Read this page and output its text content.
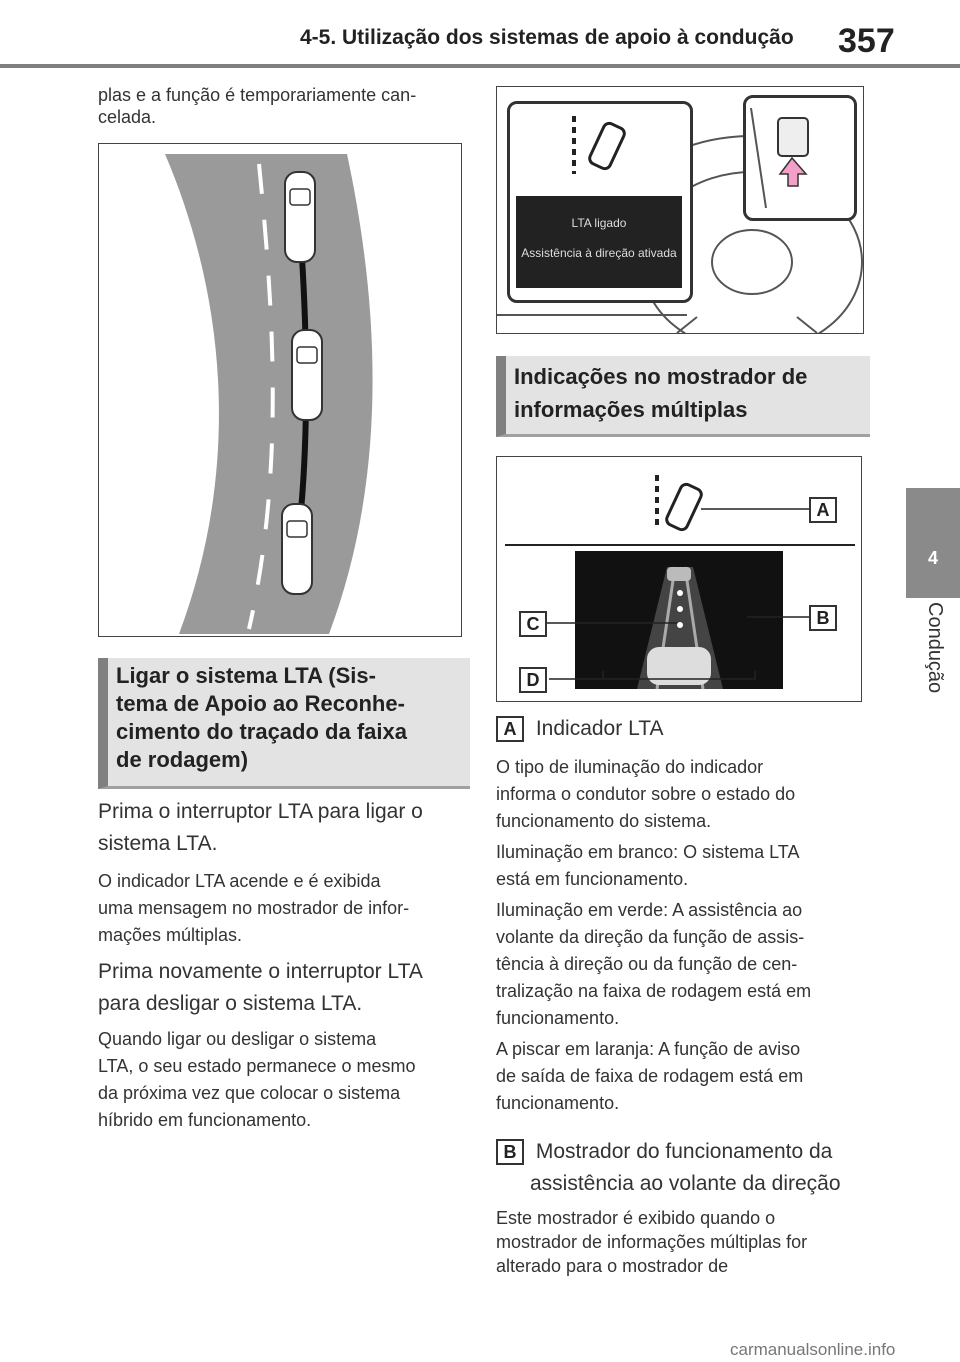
4-5. Utilização dos sistemas de apoio à condução 357
4
Condução
plas e a função é temporariamente can-
celada.
Ligar o sistema LTA (Sis-
tema de Apoio ao Reconhe-
cimento do traçado da faixa
de rodagem)
Prima o interruptor LTA para ligar o
sistema LTA.
O indicador LTA acende e é exibida
uma mensagem no mostrador de infor-
mações múltiplas.
Prima novamente o interruptor LTA
para desligar o sistema LTA.
Quando ligar ou desligar o sistema
LTA, o seu estado permanece o mesmo
da próxima vez que colocar o sistema
híbrido em funcionamento.
LTA ligado
Assistência à direção ativada
Indicações no mostrador de
informações múltiplas
A
B
C
D
A Indicador LTA
O tipo de iluminação do indicador
informa o condutor sobre o estado do
funcionamento do sistema.
Iluminação em branco: O sistema LTA
está em funcionamento.
Iluminação em verde: A assistência ao
volante da direção da função de assis-
tência à direção ou da função de cen-
tralização na faixa de rodagem está em
funcionamento.
A piscar em laranja: A função de aviso
de saída de faixa de rodagem está em
funcionamento.
B Mostrador do funcionamento da
assistência ao volante da direção
Este mostrador é exibido quando o
mostrador de informações múltiplas for
alterado para o mostrador de
carmanualsonline.info
